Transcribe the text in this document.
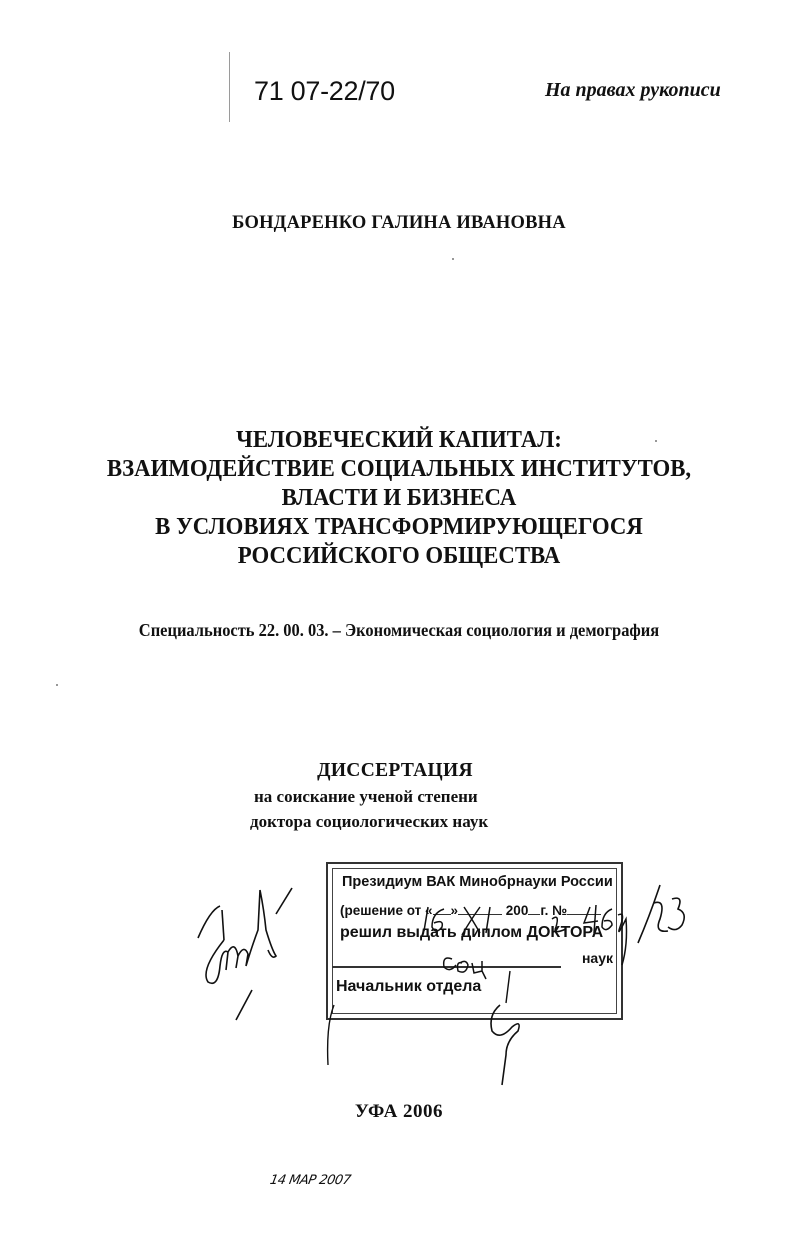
71 07-22/70	На правах рукописи
БОНДАРЕНКО ГАЛИНА ИВАНОВНА
ЧЕЛОВЕЧЕСКИЙ КАПИТАЛ:
ВЗАИМОДЕЙСТВИЕ СОЦИАЛЬНЫХ ИНСТИТУТОВ,
ВЛАСТИ И БИЗНЕСА
В УСЛОВИЯХ ТРАНСФОРМИРУЮЩЕГОСЯ
РОССИЙСКОГО ОБЩЕСТВА
Специальность 22. 00. 03. – Экономическая социология и демография
ДИССЕРТАЦИЯ
на соискание ученой степени
доктора социологических наук
Президиум ВАК Минобрнауки России
(решение от « »	200 г. №
решил выдать диплом ДОКТОРА
наук
Начальник отдела
УФА 2006
14 МАР 2007
